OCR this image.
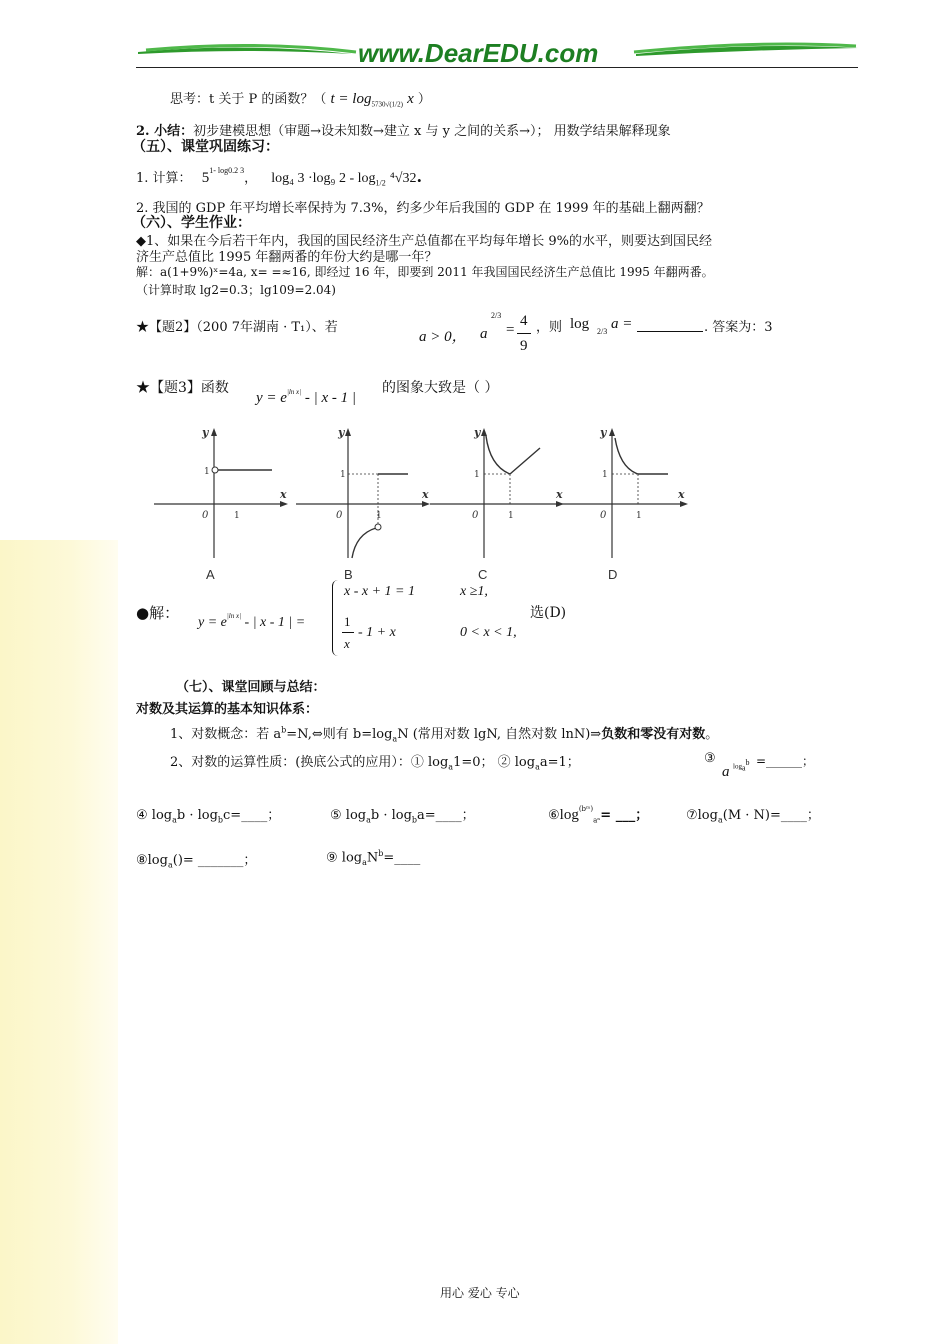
www.DearEDU.com
思考：t 关于 P 的函数？（ $t = \log_{5730√(1/2)} x$ ）
2. 小结：初步建模思想（审题→设未知数→建立 x 与 y 之间的关系→）； 用数学结果解释现象
（五）、课堂巩固练习：
1. 计算： $5^{1- log0.2 3}$， log₄ 3 ·log₉ $2 - \log_{1/2} ^4√32$.
2. 我国的 GDP 年平均增长率保持为 7.3%，约多少年后我国的 GDP 在 1999 年的基础上翻两翻？
（六）、学生作业：
◆1、如果在今后若干年内，我国的国民经济生产总值都在平均每年增长 9%的水平，则要达到国民经
济生产总值比 1995 年翻两番的年份大约是哪一年？
解：a(1+9%)ˣ=4a, x= =≈16, 即经过 16 年，即要到 2011 年我国国民经济生产总值比 1995 年翻两番。
（计算时取 lg2=0.3；lg109=2.04)
★【题2】（200 7年湖南 · T₁）、若
a > 0， a
2/3
=
4
9
，则 log 2/3 a =	. 答案为：3
★【题3】函数
$y = e^{|ln x|}$ - | x - 1 |
的图象大致是（ ）
y
x
0	1
1
A
y
x
0	1
1
B
y
x
0	1
1
C
y
x
0	1
1
D
●解：
$y = e^{|ln x|}$ - | x - 1 | =
x - x + 1 = 1	x ≥1,
1
x
- 1 + x	0 < x < 1,
选(D)
（七）、课堂回顾与总结：
对数及其运算的基本知识体系：
1、对数概念：若 $a^b=N,\Leftrightarrow$则有 $b=\log_aN$ (常用对数 lgN, 自然对数 lnN)⇒负数和零没有对数。
2、对数的运算性质：(换底公式的应用）：① $\log_a1=0$； ② $\log_aa=1$；	③
a $\log_a^b$ =______；
④ $\log_ab$ · $\log_bc=\_\_\_\_$；	⑤ $\log_ab$ · $\log_ba=\_\_\_\_$；	$⑥\log^{(bᵐ)}_{a^n}=$ ___；	$⑦\log_a(M$ · N)=____；
$⑧\log_a()=$ _______；	⑨ $\log_aN^b=\_\_\_\_$
用心 爱心 专心
